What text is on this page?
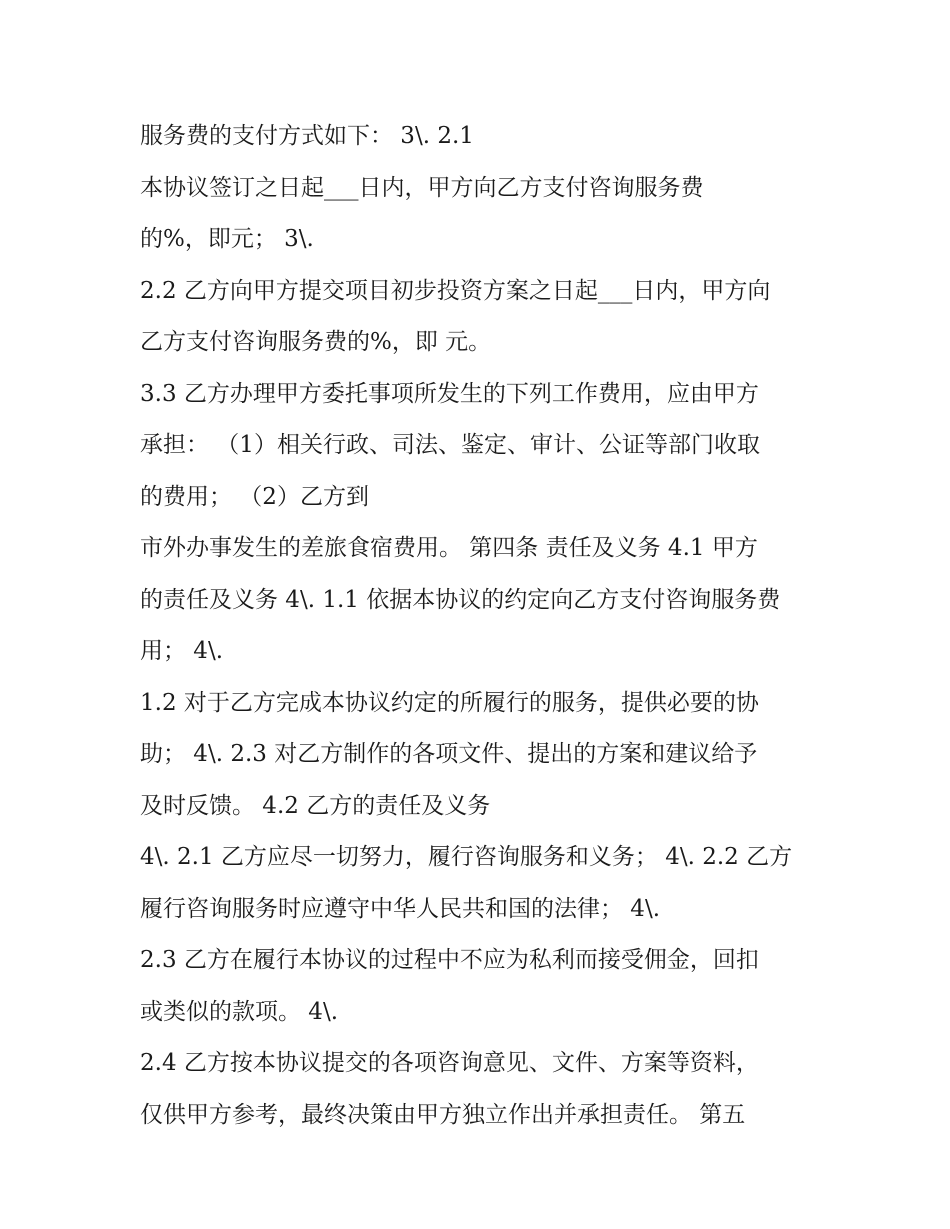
服务费的支付方式如下： 3\. 2.1
本协议签订之日起___日内，甲方向乙方支付咨询服务费
的%，即元； 3\.
2.2 乙方向甲方提交项目初步投资方案之日起___日内，甲方向
乙方支付咨询服务费的%，即 元。
3.3 乙方办理甲方委托事项所发生的下列工作费用，应由甲方
承担： （1）相关行政、司法、鉴定、审计、公证等部门收取
的费用； （2）乙方到
市外办事发生的差旅食宿费用。 第四条 责任及义务 4.1 甲方
的责任及义务 4\. 1.1 依据本协议的约定向乙方支付咨询服务费
用； 4\.
1.2 对于乙方完成本协议约定的所履行的服务，提供必要的协
助； 4\. 2.3 对乙方制作的各项文件、提出的方案和建议给予
及时反馈。 4.2 乙方的责任及义务
4\. 2.1 乙方应尽一切努力，履行咨询服务和义务； 4\. 2.2 乙方
履行咨询服务时应遵守中华人民共和国的法律； 4\.
2.3 乙方在履行本协议的过程中不应为私利而接受佣金，回扣
或类似的款项。 4\.
2.4 乙方按本协议提交的各项咨询意见、文件、方案等资料，
仅供甲方参考，最终决策由甲方独立作出并承担责任。 第五
